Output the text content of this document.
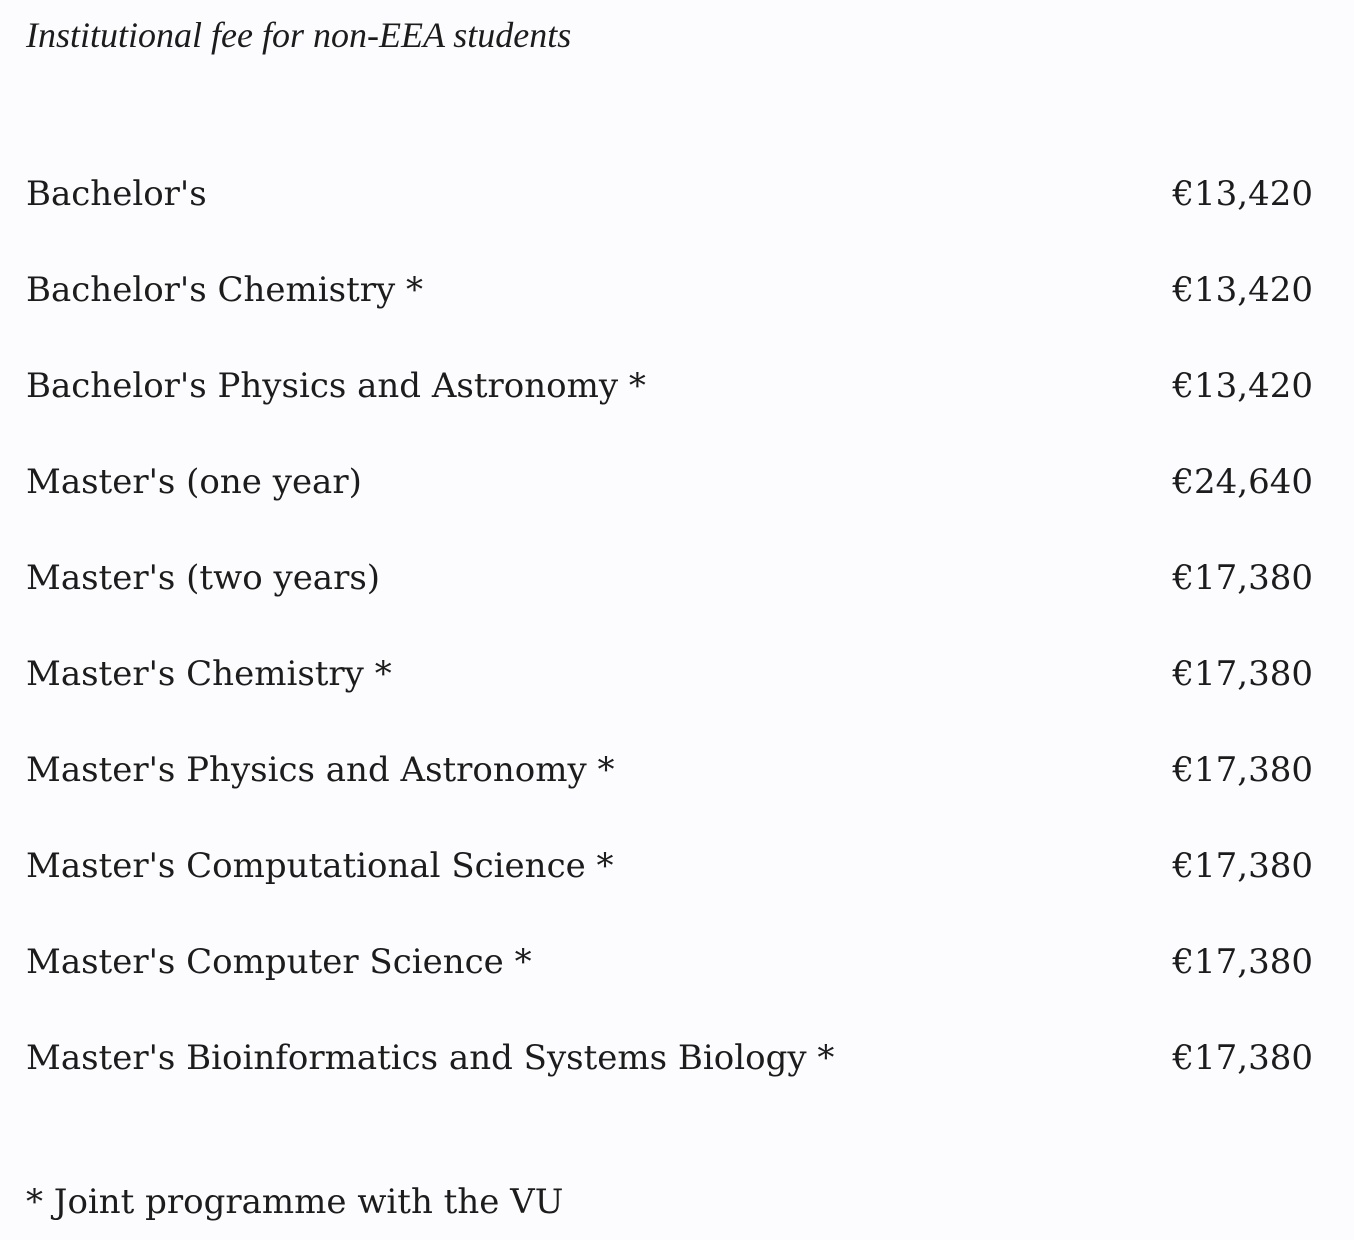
Institutional fee for non-EEA students
Bachelor's	€13,420
Bachelor's Chemistry *	€13,420
Bachelor's Physics and Astronomy *	€13,420
Master's (one year)	€24,640
Master's (two years)	€17,380
Master's Chemistry *	€17,380
Master's Physics and Astronomy *	€17,380
Master's Computational Science *	€17,380
Master's Computer Science *	€17,380
Master's Bioinformatics and Systems Biology *	€17,380
* Joint programme with the VU
